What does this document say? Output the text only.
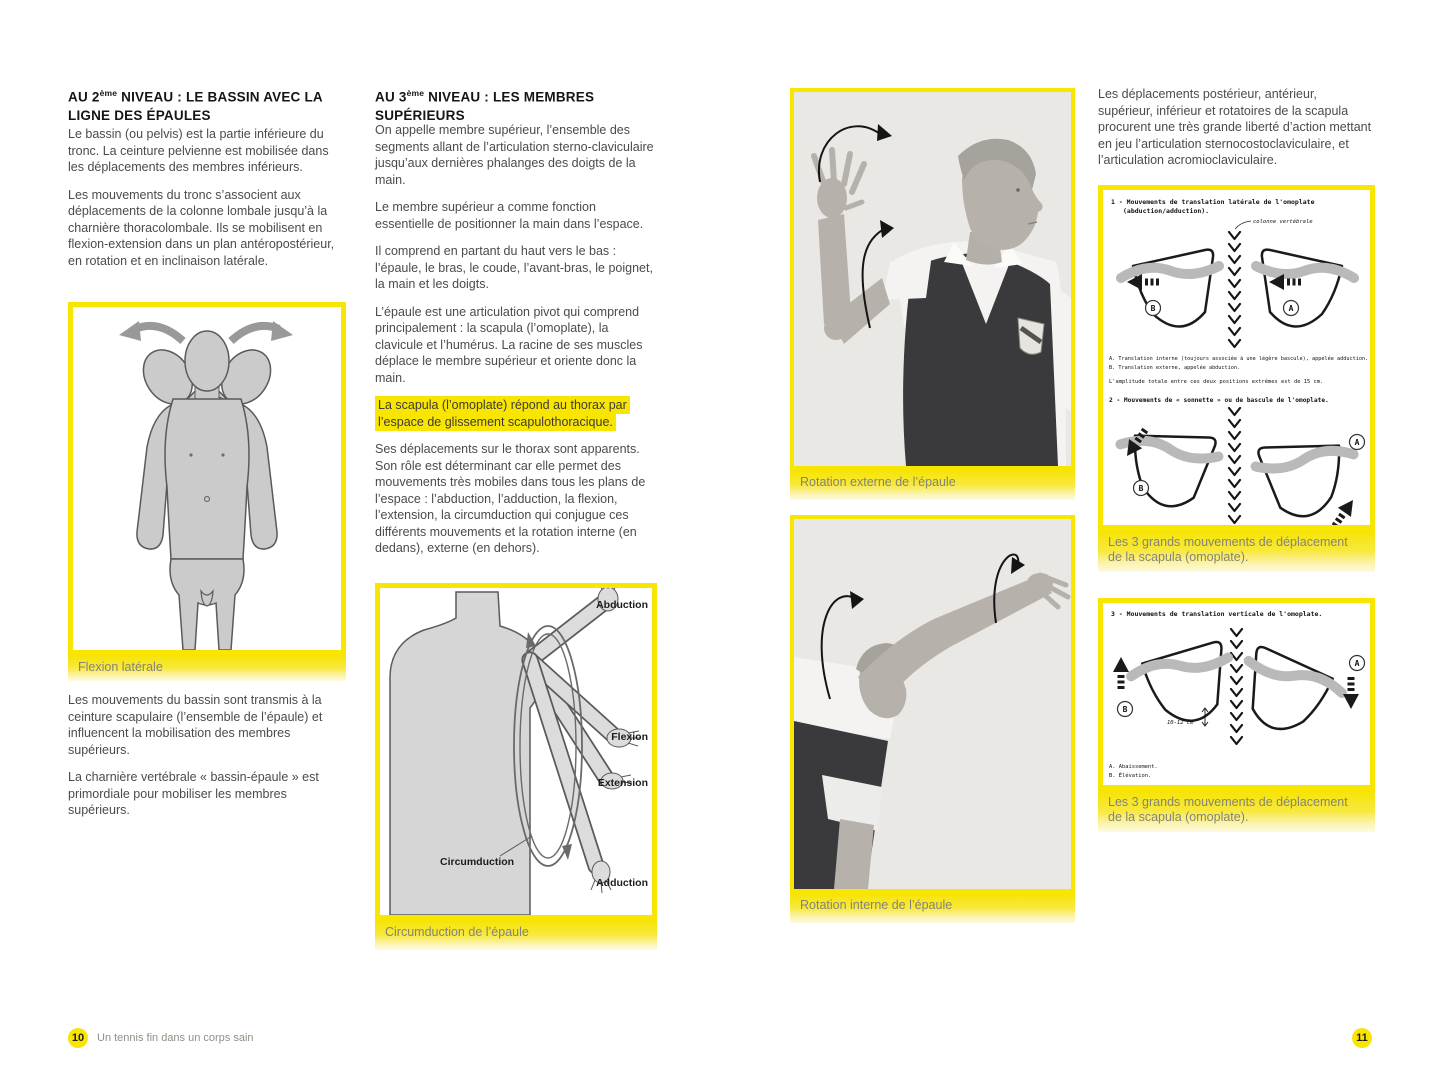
AU 2ème NIVEAU : LE BASSIN AVEC LA LIGNE DES ÉPAULES

Le bassin (ou pelvis) est la partie inférieure du tronc. La ceinture pelvienne est mobilisée dans les déplacements des membres inférieurs.

Les mouvements du tronc s’associent aux déplacements de la colonne lombale jusqu’à la charnière thoracolombale. Ils se mobilisent en flexion-extension dans un plan antéropostérieur, en rotation et en inclinaison latérale.

Flexion latérale

Les mouvements du bassin sont transmis à la ceinture scapulaire (l’ensemble de l’épaule) et influencent la mobilisation des membres supérieurs.

La charnière vertébrale « bassin-épaule » est primordiale pour mobiliser les membres supérieurs.

AU 3ème NIVEAU : LES MEMBRES SUPÉRIEURS

On appelle membre supérieur, l’ensemble des segments allant de l’articulation sterno-claviculaire jusqu’aux dernières phalanges des doigts de la main.

Le membre supérieur a comme fonction essentielle de positionner la main dans l’espace.

Il comprend en partant du haut vers le bas : l’épaule, le bras, le coude, l’avant-bras, le poignet, la main et les doigts.

L’épaule est une articulation pivot qui comprend principalement : la scapula (l’omoplate), la clavicule et l’humérus. La racine de ses muscles déplace le membre supérieur et oriente donc la main.

La scapula (l’omoplate) répond au thorax par l’espace de glissement scapulothoracique.

Ses déplacements sur le thorax sont apparents. Son rôle est déterminant car elle permet des mouvements très mobiles dans tous les plans de l’espace : l’abduction, l’adduction, la flexion, l’extension, la circumduction qui conjugue ces différents mouvements et la rotation interne (en dedans), externe (en dehors).

Abduction
Flexion
Extension
Circumduction
Adduction
Circumduction de l’épaule
Rotation externe de l’épaule
Rotation interne de l’épaule

Les déplacements postérieur, antérieur, supérieur, inférieur et rotatoires de la scapula procurent une très grande liberté d’action mettant en jeu l’articulation sternocostoclaviculaire, et l’articulation acromioclaviculaire.

1 - Mouvements de translation latérale de l'omoplate
(abduction/adduction).
colonne vertébrale
B	A
A. Translation interne (toujours associée à une légère bascule), appelée adduction.
B. Translation externe, appelée abduction.
L'amplitude totale entre ces deux positions extrêmes est de 15 cm.
2 - Mouvements de « sonnette » ou de bascule de l'omoplate.
B
A
Les 3 grands mouvements de déplacement de la scapula (omoplate).
3 - Mouvements de translation verticale de l'omoplate.
B
10-12 cm
A
A. Abaissement.
B. Élévation.
Les 3 grands mouvements de déplacement de la scapula (omoplate).
10	Un tennis fin dans un corps sain	11
